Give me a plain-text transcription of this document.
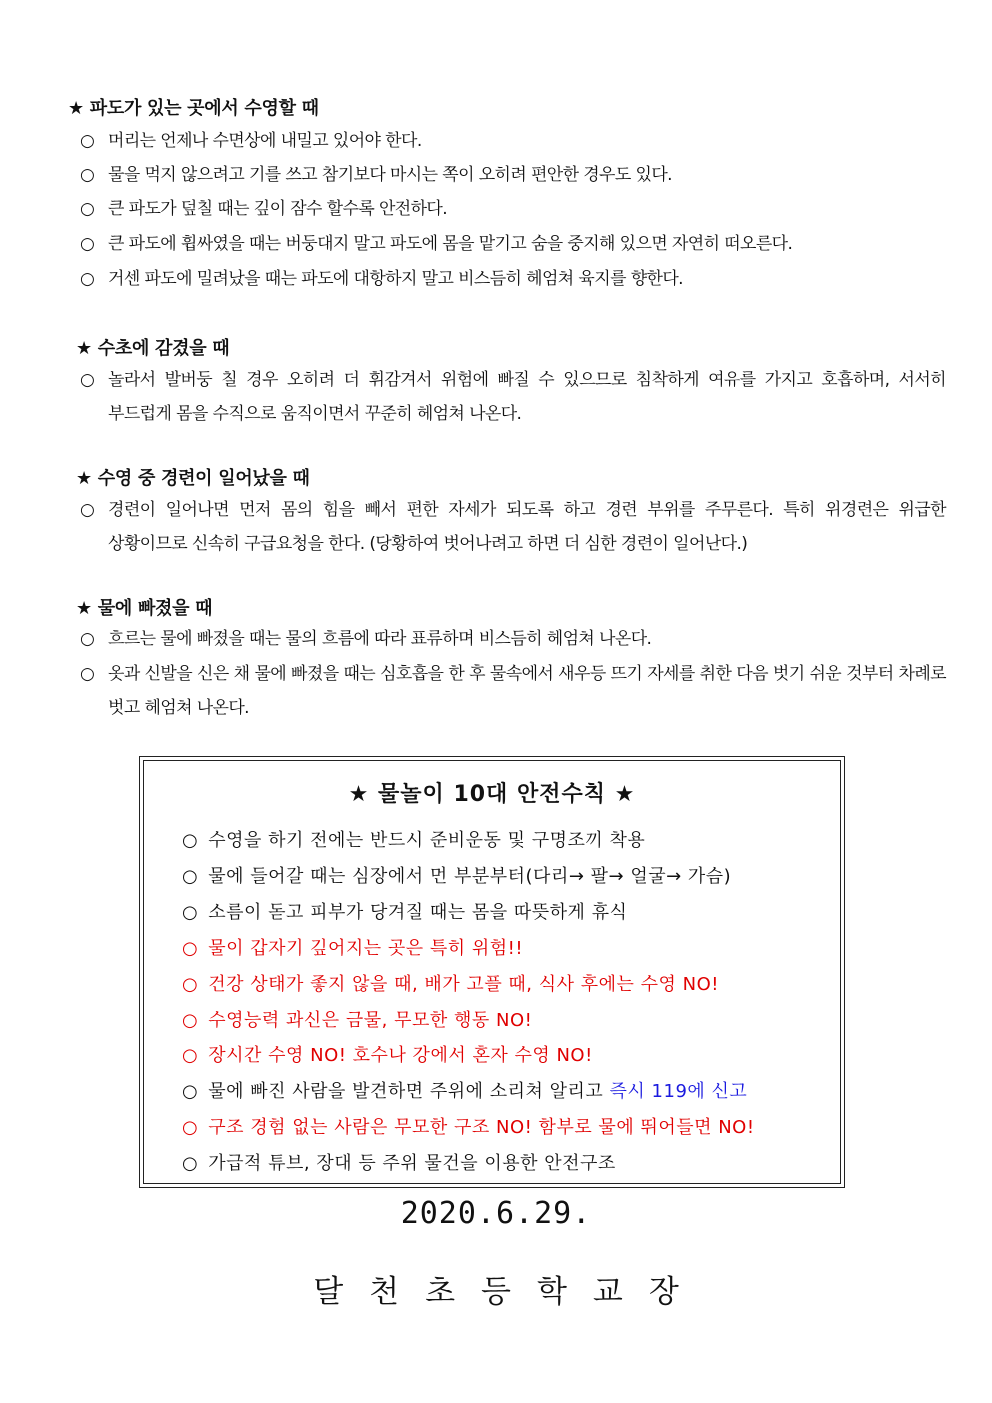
★ 파도가 있는 곳에서 수영할 때
○ 머리는 언제나 수면상에 내밀고 있어야 한다.
○ 물을 먹지 않으려고 기를 쓰고 참기보다 마시는 쪽이 오히려 편안한 경우도 있다.
○ 큰 파도가 덮칠 때는 깊이 잠수 할수록 안전하다.
○ 큰 파도에 휩싸였을 때는 버둥대지 말고 파도에 몸을 맡기고 숨을 중지해 있으면 자연히 떠오른다.
○ 거센 파도에 밀려났을 때는 파도에 대항하지 말고 비스듬히 헤엄쳐 육지를 향한다.
★ 수초에 감겼을 때
○ 놀라서 발버둥 칠 경우 오히려 더 휘감겨서 위험에 빠질 수 있으므로 침착하게 여유를 가지고 호흡하며, 서서히 부드럽게 몸을 수직으로 움직이면서 꾸준히 헤엄쳐 나온다.
★ 수영 중 경련이 일어났을 때
○ 경련이 일어나면 먼저 몸의 힘을 빼서 편한 자세가 되도록 하고 경련 부위를 주무른다. 특히 위경련은 위급한 상황이므로 신속히 구급요청을 한다. (당황하여 벗어나려고 하면 더 심한 경련이 일어난다.)
★ 물에 빠졌을 때
○ 흐르는 물에 빠졌을 때는 물의 흐름에 따라 표류하며 비스듬히 헤엄쳐 나온다.
○ 옷과 신발을 신은 채 물에 빠졌을 때는 심호흡을 한 후 물속에서 새우등 뜨기 자세를 취한 다음 벗기 쉬운 것부터 차례로 벗고 헤엄쳐 나온다.
★ 물놀이 10대 안전수칙 ★
○ 수영을 하기 전에는 반드시 준비운동 및 구명조끼 착용
○ 물에 들어갈 때는 심장에서 먼 부분부터(다리→ 팔→ 얼굴→ 가슴)
○ 소름이 돋고 피부가 당겨질 때는 몸을 따뜻하게 휴식
○ 물이 갑자기 깊어지는 곳은 특히 위험!!
○ 건강 상태가 좋지 않을 때, 배가 고플 때, 식사 후에는 수영 NO!
○ 수영능력 과신은 금물, 무모한 행동 NO!
○ 장시간 수영 NO! 호수나 강에서 혼자 수영 NO!
○ 물에 빠진 사람을 발견하면 주위에 소리쳐 알리고 즉시 119에 신고
○ 구조 경험 없는 사람은 무모한 구조 NO! 함부로 물에 뛰어들면 NO!
○ 가급적 튜브, 장대 등 주위 물건을 이용한 안전구조
2020.6.29.
달천초등학교장
